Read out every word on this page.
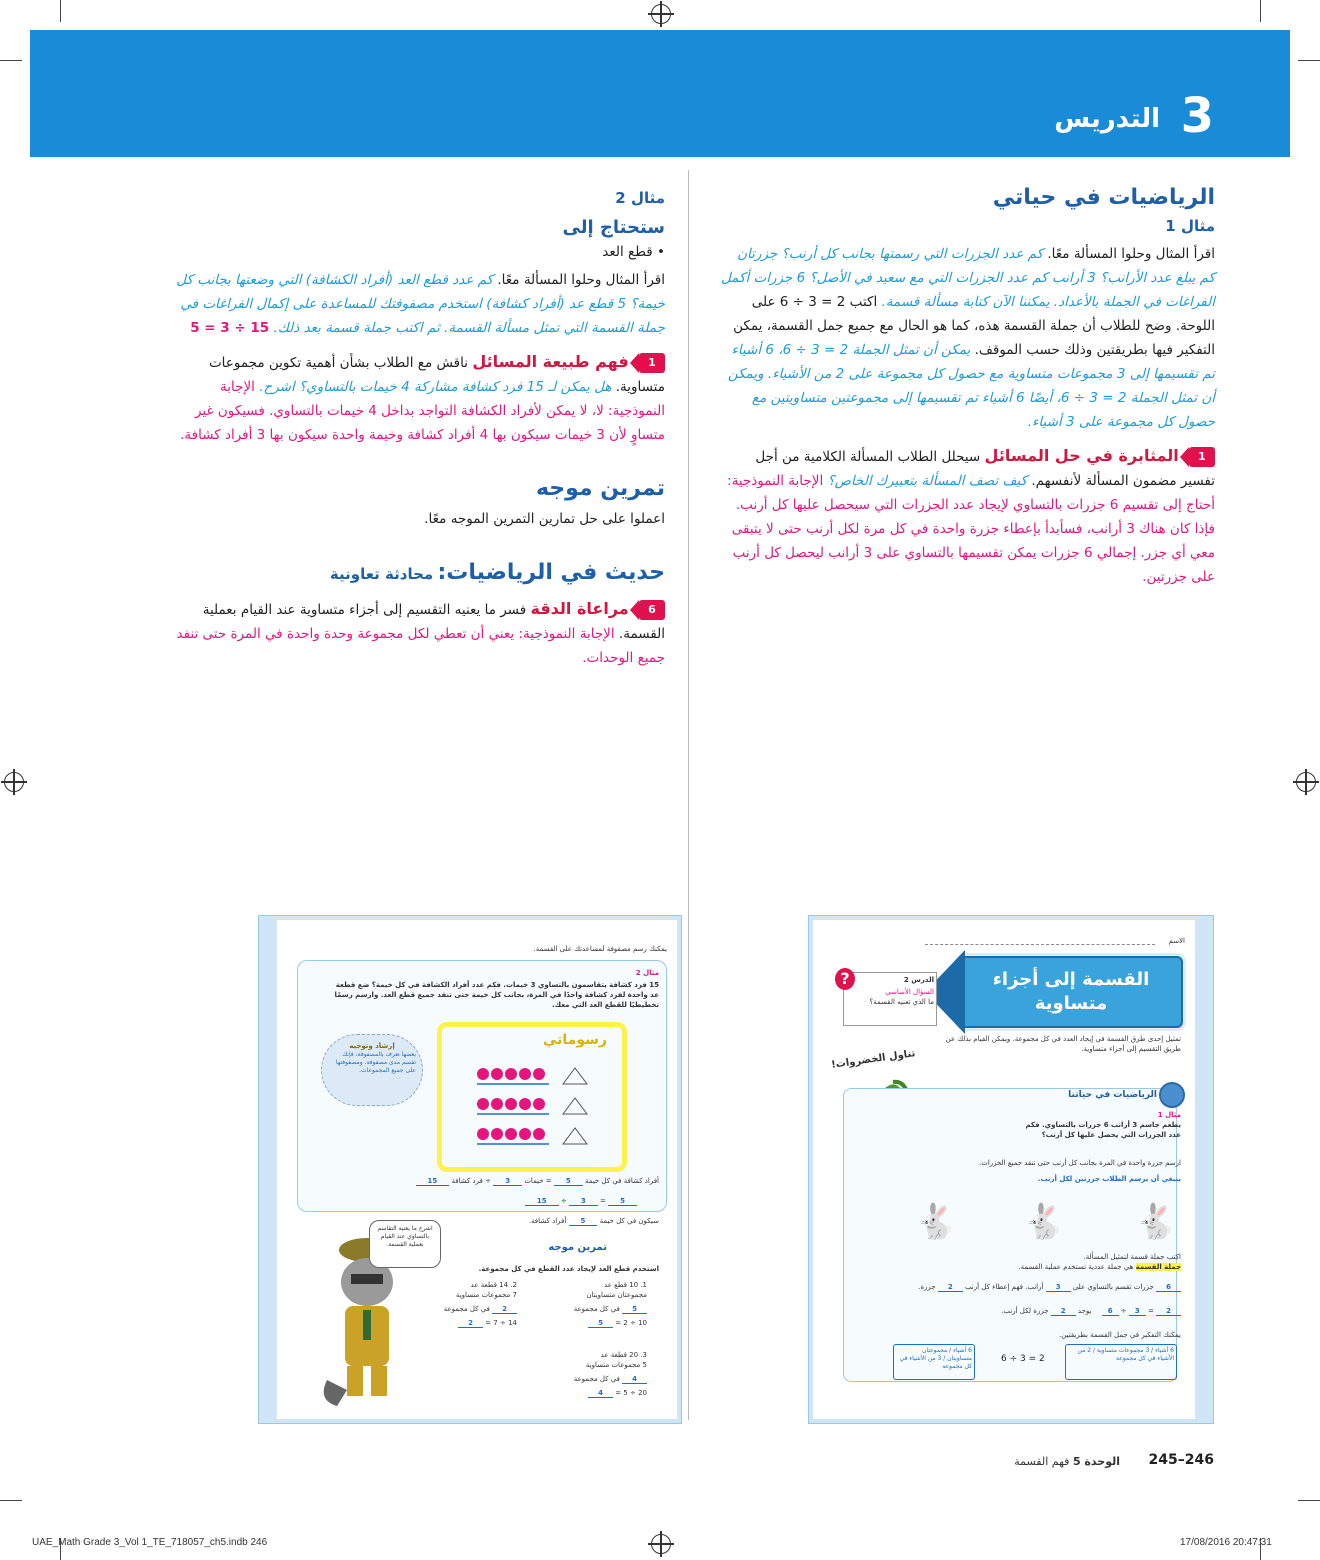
3
التدريس
الرياضيات في حياتي
مثال 1
اقرأ المثال وحلوا المسألة معًا. كم عدد الجزرات التي رسمتها بجانب كل أرنب؟ جزرتان كم يبلغ عدد الأرانب؟ 3 أرانب كم عدد الجزرات التي مع سعيد في الأصل؟ 6 جزرات أكمل الفراغات في الجملة بالأعداد. يمكننا الآن كتابة مسألة قسمة. اكتب 2 = 3 ÷ 6 على اللوحة. وضح للطلاب أن جملة القسمة هذه، كما هو الحال مع جميع جمل القسمة، يمكن التفكير فيها بطريقتين وذلك حسب الموقف. يمكن أن تمثل الجملة 2 = 3 ÷ 6، 6 أشياء تم تقسيمها إلى 3 مجموعات متساوية مع حصول كل مجموعة على 2 من الأشياء. ويمكن أن تمثل الجملة 2 = 3 ÷ 6، أيضًا 6 أشياء تم تقسيمها إلى مجموعتين متساويتين مع حصول كل مجموعة على 3 أشياء.
1 المثابرة في حل المسائل سيحلل الطلاب المسألة الكلامية من أجل تفسير مضمون المسألة لأنفسهم. كيف تصف المسألة بتعبيرك الخاص؟ الإجابة النموذجية: أحتاج إلى تقسيم 6 جزرات بالتساوي لإيجاد عدد الجزرات التي سيحصل عليها كل أرنب. فإذا كان هناك 3 أرانب، فسأبدأ بإعطاء جزرة واحدة في كل مرة لكل أرنب حتى لا يتبقى معي أي جزر. إجمالي 6 جزرات يمكن تقسيمها بالتساوي على 3 أرانب ليحصل كل أرنب على جزرتين.
مثال 2
ستحتاج إلى
• قطع العد
اقرأ المثال وحلوا المسألة معًا. كم عدد قطع العد (أفراد الكشافة) التي وضعتها بجانب كل خيمة؟ 5 قطع عد (أفراد كشافة) استخدم مصفوفتك للمساعدة على إكمال الفراغات في جملة القسمة التي تمثل مسألة القسمة. ثم اكتب جملة قسمة بعد ذلك. 5 = 3 ÷ 15
1 فهم طبيعة المسائل ناقش مع الطلاب بشأن أهمية تكوين مجموعات متساوية. هل يمكن لـ 15 فرد كشافة مشاركة 4 خيمات بالتساوي؟ اشرح. الإجابة النموذجية: لا، لا يمكن لأفراد الكشافة التواجد بداخل 4 خيمات بالتساوي. فسيكون غير متساوٍ لأن 3 خيمات سيكون بها 4 أفراد كشافة وخيمة واحدة سيكون بها 3 أفراد كشافة.
تمرين موجه
اعملوا على حل تمارين التمرين الموجه معًا.
حديث في الرياضيات: محادثة تعاونية
6 مراعاة الدقة فسر ما يعنيه التقسيم إلى أجزاء متساوية عند القيام بعملية القسمة. الإجابة النموذجية: يعني أن تعطي لكل مجموعة وحدة واحدة في المرة حتى تنفد جميع الوحدات.
الاسم
القسمة إلى أجزاء متساوية
الدرس 2
السؤال الأساسي
ما الذي تعنيه القسمة؟
?
تمثيل إحدى طرق القسمة في إيجاد العدد في كل مجموعة. ويمكن القيام بذلك عن طريق التقسيم إلى أجزاء متساوية.
تناول الخضروات!
الرياضيات في حياتنا
مثال 1
يطعم جاسم 3 أرانب 6 جزرات بالتساوي. فكم عدد الجزرات التي يحصل عليها كل أرنب؟
ارسم جزرة واحدة في المرة بجانب كل أرنب حتى تنفد جميع الجزرات.
ينبغي أن يرسم الطلاب جزرتين لكل أرنب.
🐇
🐇
🐇
اكتب جملة قسمة لتمثيل المسألة.
جملة القسمة هي جملة عددية تستخدم عملية القسمة.
6 جزرات تقسم بالتساوي على 3 أرانب. فهم إعطاء كل أرنب 2 جزرة.
2 = 3 ÷ 6 يوجد 2 جزرة لكل أرنب.
يمكنك التفكير في جمل القسمة بطريقتين.
6 أشياء / 3 مجموعات متساوية / 2 من الأشياء في كل مجموعة
6 ÷ 3 = 2
6 أشياء / مجموعتان متساويتان / 3 من الأشياء في كل مجموعة
يمكنك رسم مصفوفة لمساعدتك على القسمة.
مثال 2
15 فرد كشافة يتقاسمون بالتساوي 3 خيمات. فكم عدد أفراد الكشافة في كل خيمة؟ ضع قطعة عد واحدة لفرد كشافة واحدًا في المرة، بجانب كل خيمة حتى تنفد جميع قطع العد. وارسم رسمًا تخطيطيًا للقطع العد التي معك.
رسوماتي
إرشاد وتوجيه
بعضها تعرف بالمصفوفة، فإنك تقسم مدى مصفوفة. ومصفوفتها على جميع المجموعات.
أفراد كشافة في كل خيمة 5 = خيمات 3 ÷ فرد كشافة 15
15 ÷ 3 = 5
سيكون في كل خيمة 5 أفراد كشافة.
اشرح ما يعنيه التقاسم بالتساوي عند القيام بعملية القسمة.	تمرين موجه
استخدم قطع العد لإيجاد عدد القطع في كل مجموعة.
1. 10 قطع عد
مجموعتان متساويتان
5 في كل مجموعة
10 ÷ 2 = 5
2. 14 قطعة عد
7 مجموعات متساوية
2 في كل مجموعة
14 ÷ 7 = 2
3. 20 قطعة عد
5 مجموعات متساوية
4 في كل مجموعة
20 ÷ 5 = 4
245–246
الوحدة 5 فهم القسمة
UAE_Math Grade 3_Vol 1_TE_718057_ch5.indb 246	17/08/2016 20:47:31
